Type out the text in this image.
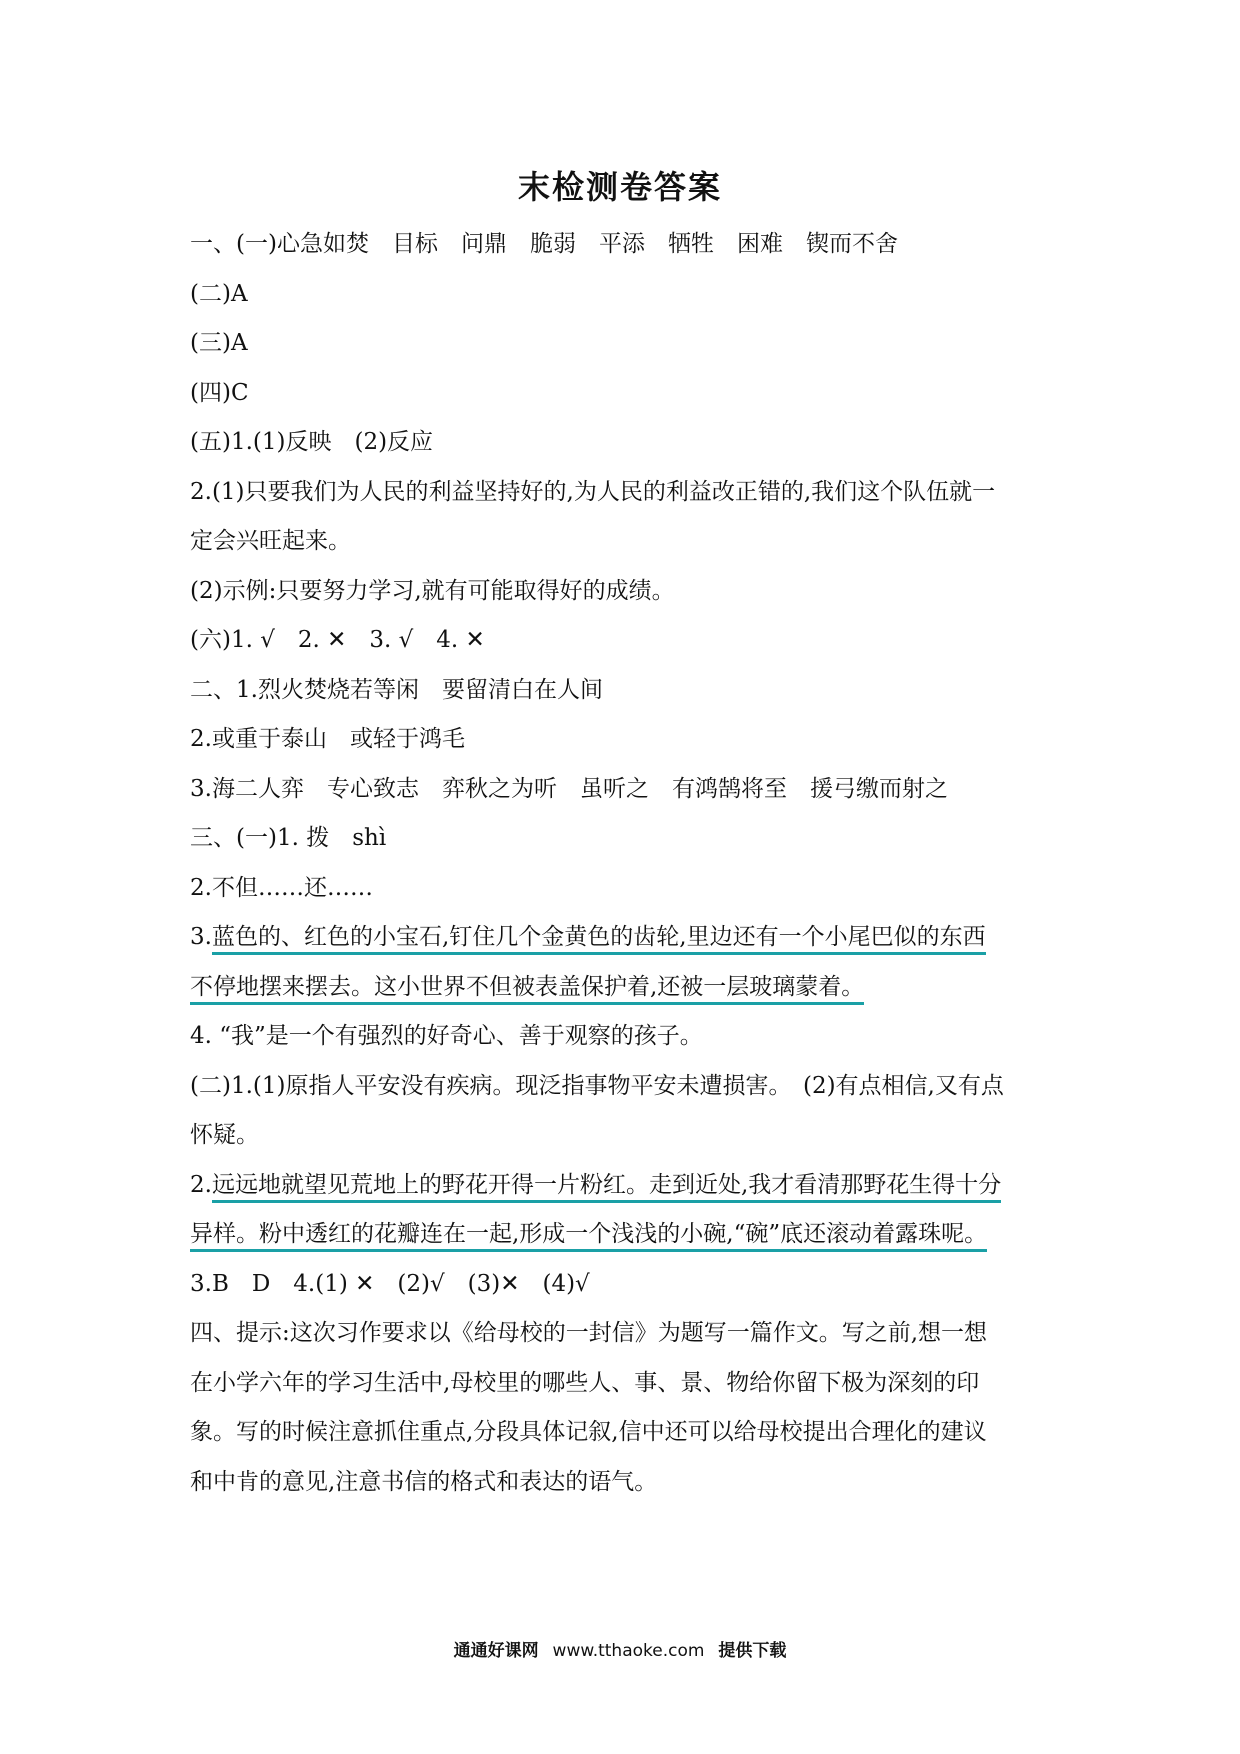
末检测卷答案
一、(一)心急如焚　目标　问鼎　脆弱　平添　牺牲　困难　锲而不舍
(二)A
(三)A
(四)C
(五)1.(1)反映　(2)反应
2.(1)只要我们为人民的利益坚持好的,为人民的利益改正错的,我们这个队伍就一
定会兴旺起来。
(2)示例:只要努力学习,就有可能取得好的成绩。
(六)1. √　2. ✕　3. √　4. ✕
二、1.烈火焚烧若等闲　要留清白在人间
2.或重于泰山　或轻于鸿毛
3.海二人弈　专心致志　弈秋之为听　虽听之　有鸿鹄将至　援弓缴而射之
三、(一)1. 拨　shì
2.不但……还……
3.蓝色的、红色的小宝石,钉住几个金黄色的齿轮,里边还有一个小尾巴似的东西
不停地摆来摆去。这小世界不但被表盖保护着,还被一层玻璃蒙着。
4. “我”是一个有强烈的好奇心、善于观察的孩子。
(二)1.(1)原指人平安没有疾病。现泛指事物平安未遭损害。　(2)有点相信,又有点
怀疑。
2.远远地就望见荒地上的野花开得一片粉红。走到近处,我才看清那野花生得十分
异样。粉中透红的花瓣连在一起,形成一个浅浅的小碗,“碗”底还滚动着露珠呢。
3.B　D　4.(1) ✕　(2)√　(3)✕　(4)√
四、提示:这次习作要求以《给母校的一封信》为题写一篇作文。写之前,想一想
在小学六年的学习生活中,母校里的哪些人、事、景、物给你留下极为深刻的印
象。写的时候注意抓住重点,分段具体记叙,信中还可以给母校提出合理化的建议
和中肯的意见,注意书信的格式和表达的语气。
通通好课网 www.tthaoke.com 提供下载
